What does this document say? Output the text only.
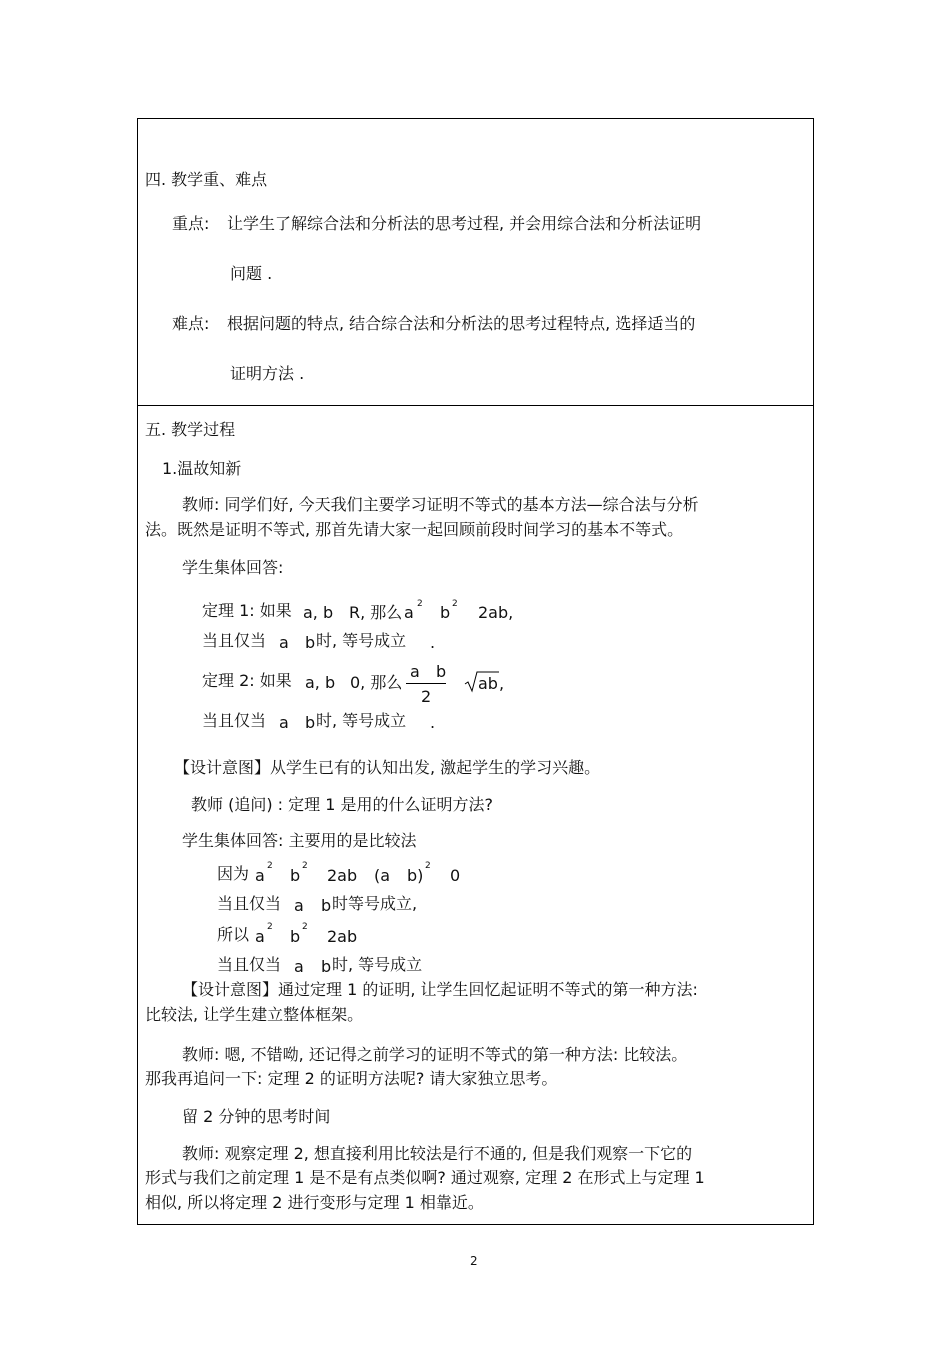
四. 教学重、难点
重点: 让学生了解综合法和分析法的思考过程, 并会用综合法和分析法证明
问题 .
难点: 根据问题的特点, 结合综合法和分析法的思考过程特点, 选择适当的
证明方法 .
五. 教学过程
1.温故知新
教师: 同学们好, 今天我们主要学习证明不等式的基本方法—综合法与分析
法。既然是证明不等式, 那首先请大家一起回顾前段时间学习的基本不等式。
学生集体回答:
定理 1: 如果 a, b R, 那么 a 2 b 2 2ab,
当且仅当 a b 时, 等号成立 .
定理 2: 如果 a, b 0, 那么
a b
2
ab ,
当且仅当 a b 时, 等号成立 .
【设计意图】从学生已有的认知出发, 激起学生的学习兴趣。
教师 (追问) : 定理 1 是用的什么证明方法?
学生集体回答: 主要用的是比较法
因为 a 2 b 2 2ab (a b) 2 0
当且仅当 a b 时等号成立,
所以 a 2 b 2 2ab
当且仅当 a b 时, 等号成立
【设计意图】通过定理 1 的证明, 让学生回忆起证明不等式的第一种方法:
比较法, 让学生建立整体框架。
教师: 嗯, 不错呦, 还记得之前学习的证明不等式的第一种方法: 比较法。
那我再追问一下: 定理 2 的证明方法呢? 请大家独立思考。
留 2 分钟的思考时间
教师: 观察定理 2, 想直接利用比较法是行不通的, 但是我们观察一下它的
形式与我们之前定理 1 是不是有点类似啊? 通过观察, 定理 2 在形式上与定理 1
相似, 所以将定理 2 进行变形与定理 1 相靠近。
2
